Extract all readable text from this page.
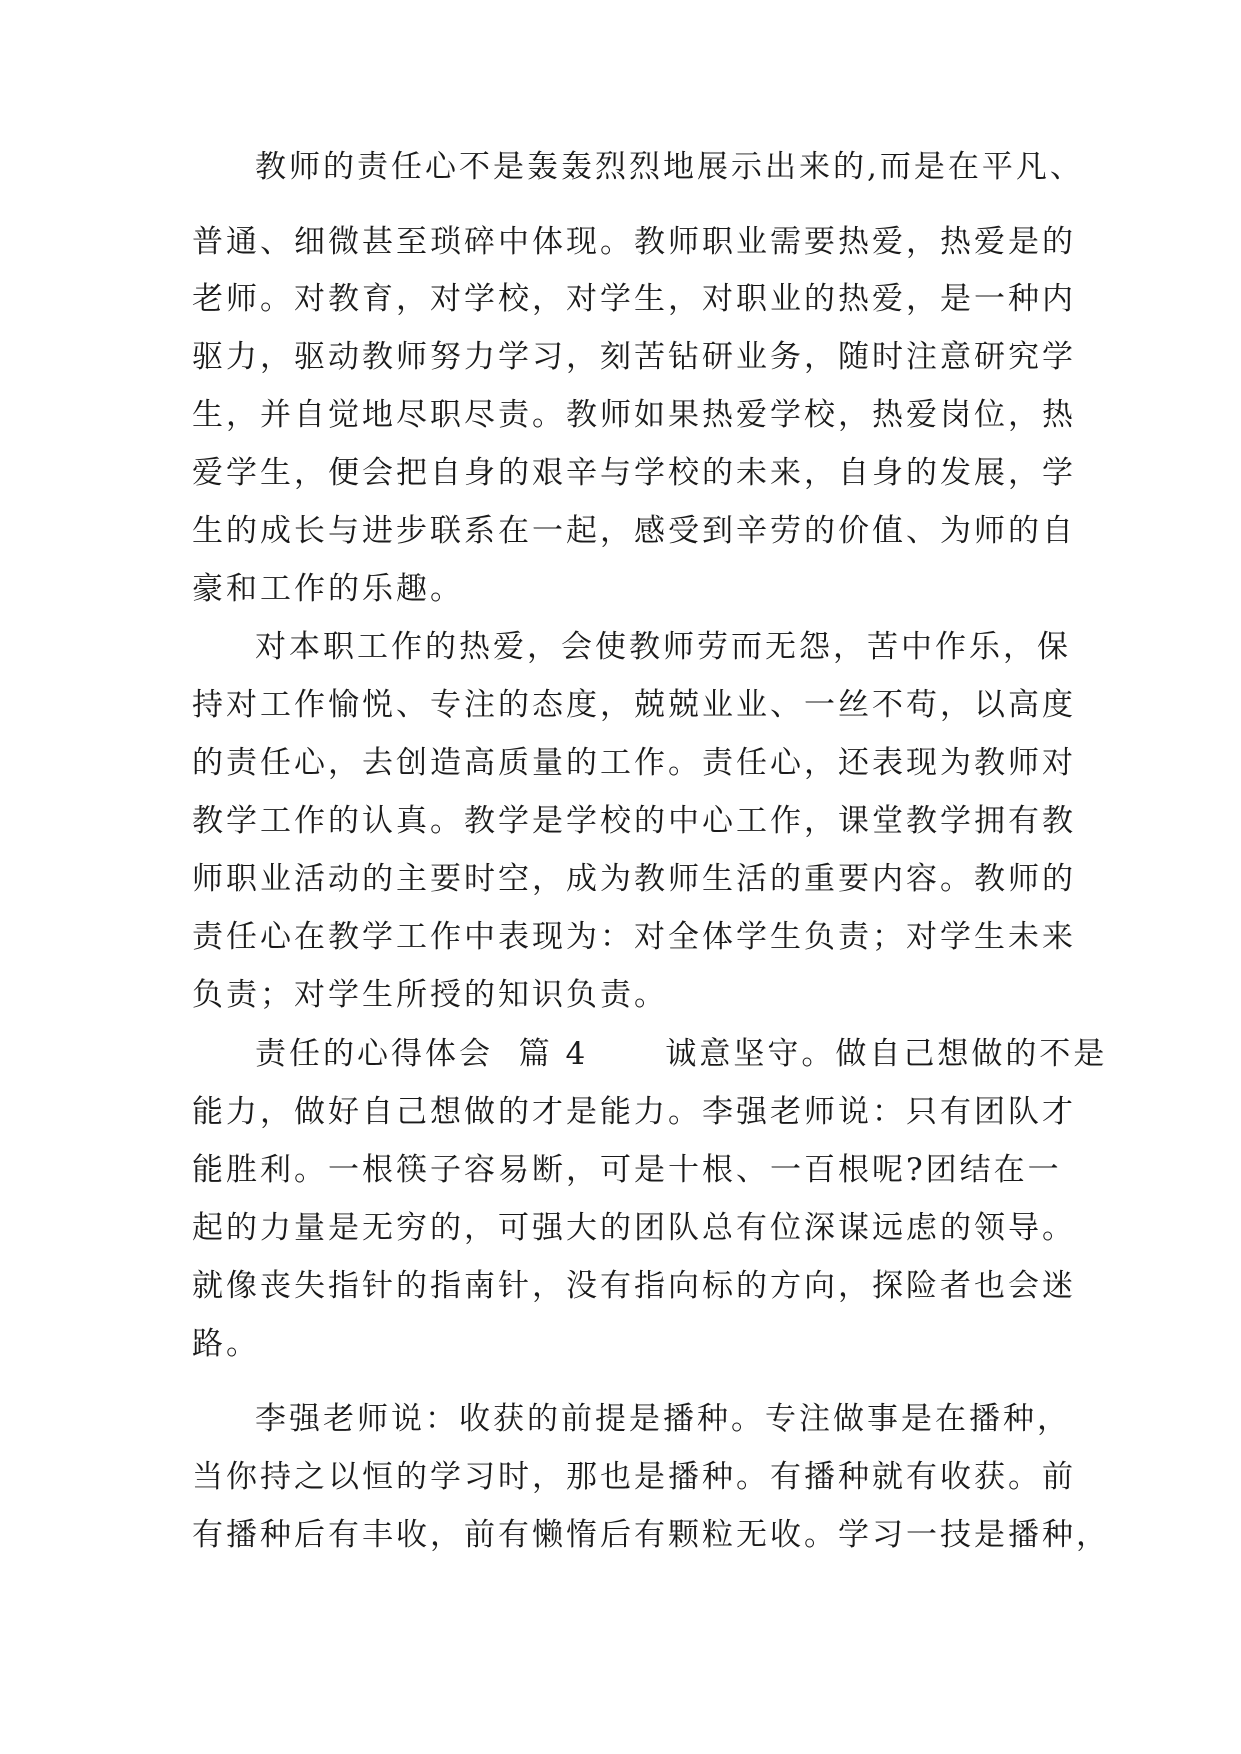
教师的责任心不是轰轰烈烈地展示出来的,而是在平凡、
普通、细微甚至琐碎中体现。教师职业需要热爱，热爱是的
老师。对教育，对学校，对学生，对职业的热爱，是一种内
驱力，驱动教师努力学习，刻苦钻研业务，随时注意研究学
生，并自觉地尽职尽责。教师如果热爱学校，热爱岗位，热
爱学生，便会把自身的艰辛与学校的未来，自身的发展，学
生的成长与进步联系在一起，感受到辛劳的价值、为师的自
豪和工作的乐趣。
对本职工作的热爱，会使教师劳而无怨，苦中作乐，保
持对工作愉悦、专注的态度，兢兢业业、一丝不苟，以高度
的责任心，去创造高质量的工作。责任心，还表现为教师对
教学工作的认真。教学是学校的中心工作，课堂教学拥有教
师职业活动的主要时空，成为教师生活的重要内容。教师的
责任心在教学工作中表现为：对全体学生负责；对学生未来
负责；对学生所授的知识负责。
责任的心得体会  篇 4      诚意坚守。做自己想做的不是
能力，做好自己想做的才是能力。李强老师说：只有团队才
能胜利。一根筷子容易断，可是十根、一百根呢?团结在一
起的力量是无穷的，可强大的团队总有位深谋远虑的领导。
就像丧失指针的指南针，没有指向标的方向，探险者也会迷
路。
李强老师说：收获的前提是播种。专注做事是在播种，
当你持之以恒的学习时，那也是播种。有播种就有收获。前
有播种后有丰收，前有懒惰后有颗粒无收。学习一技是播种，
